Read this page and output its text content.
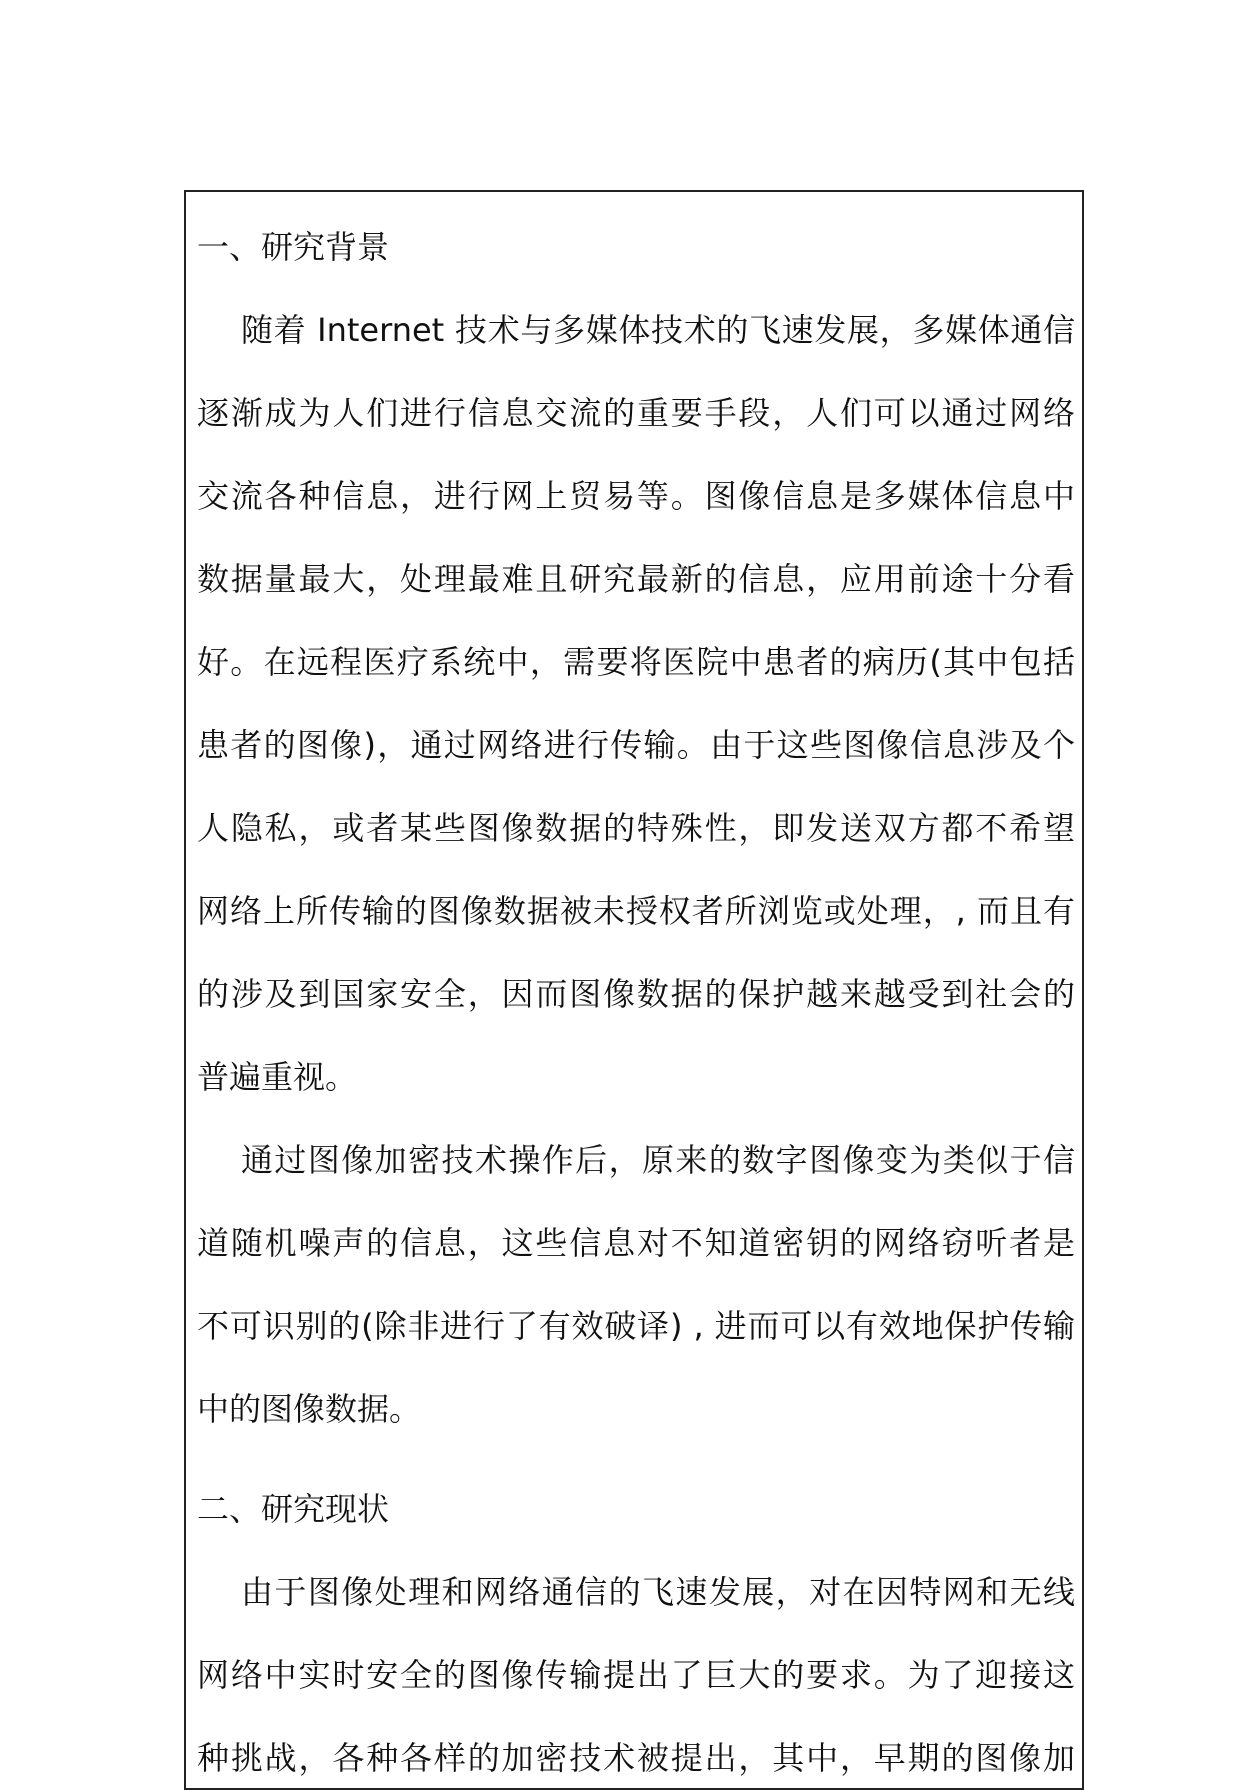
一、研究背景
随着 Internet 技术与多媒体技术的飞速发展，多媒体通信
逐渐成为人们进行信息交流的重要手段，人们可以通过网络
交流各种信息，进行网上贸易等。图像信息是多媒体信息中
数据量最大，处理最难且研究最新的信息，应用前途十分看
好。在远程医疗系统中，需要将医院中患者的病历(其中包括
患者的图像)，通过网络进行传输。由于这些图像信息涉及个
人隐私，或者某些图像数据的特殊性，即发送双方都不希望
网络上所传输的图像数据被未授权者所浏览或处理，, 而且有
的涉及到国家安全，因而图像数据的保护越来越受到社会的
普遍重视。
通过图像加密技术操作后，原来的数字图像变为类似于信
道随机噪声的信息，这些信息对不知道密钥的网络窃听者是
不可识别的(除非进行了有效破译) , 进而可以有效地保护传输
中的图像数据。
二、研究现状
由于图像处理和网络通信的飞速发展，对在因特网和无线
网络中实时安全的图像传输提出了巨大的要求。为了迎接这
种挑战，各种各样的加密技术被提出，其中，早期的图像加
